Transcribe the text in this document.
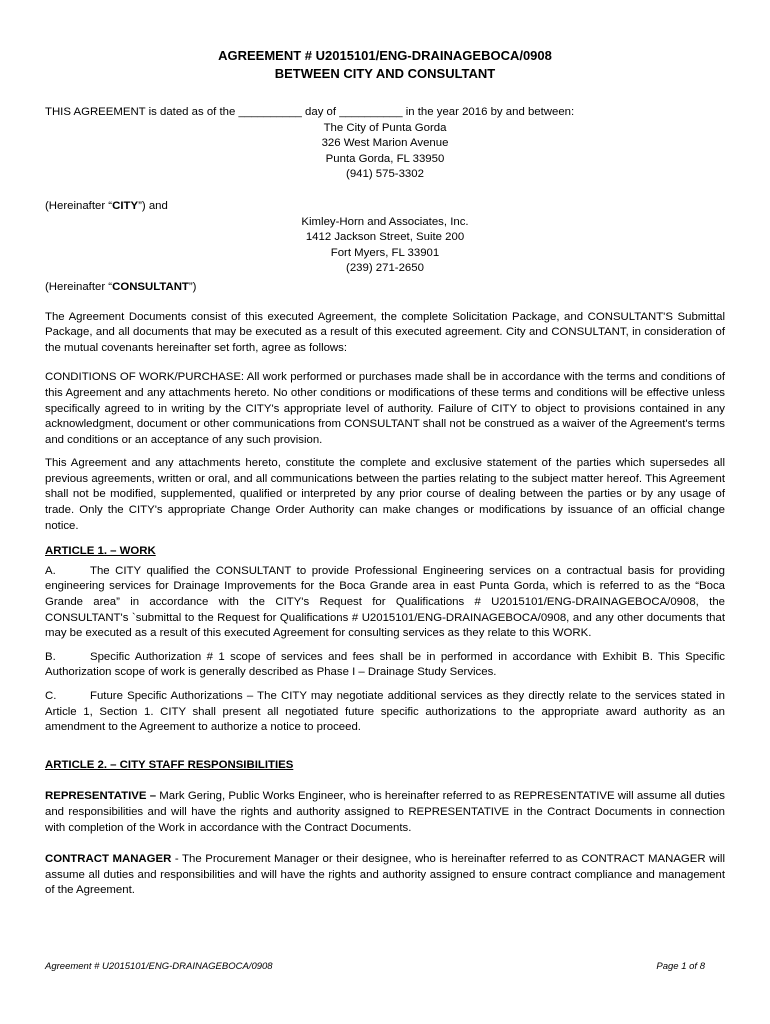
AGREEMENT # U2015101/ENG-DRAINAGEBOCA/0908

BETWEEN CITY AND CONSULTANT

THIS AGREEMENT is dated as of the __________ day of __________ in the year 2016 by and between:

The City of Punta Gorda

326 West Marion Avenue

Punta Gorda, FL 33950

(941) 575-3302

(Hereinafter “CITY”) and

Kimley-Horn and Associates, Inc.

1412 Jackson Street, Suite 200

Fort Myers, FL 33901

(239) 271-2650

(Hereinafter “CONSULTANT”)

The Agreement Documents consist of this executed Agreement, the complete Solicitation Package, and CONSULTANT'S Submittal Package, and all documents that may be executed as a result of this executed agreement. City and CONSULTANT, in consideration of the mutual covenants hereinafter set forth, agree as follows:

CONDITIONS OF WORK/PURCHASE: All work performed or purchases made shall be in accordance with the terms and conditions of this Agreement and any attachments hereto. No other conditions or modifications of these terms and conditions will be effective unless specifically agreed to in writing by the CITY's appropriate level of authority. Failure of CITY to object to provisions contained in any acknowledgment, document or other communications from CONSULTANT shall not be construed as a waiver of the Agreement's terms and conditions or an acceptance of any such provision.

This Agreement and any attachments hereto, constitute the complete and exclusive statement of the parties which supersedes all previous agreements, written or oral, and all communications between the parties relating to the subject matter hereof. This Agreement shall not be modified, supplemented, qualified or interpreted by any prior course of dealing between the parties or by any usage of trade. Only the CITY's appropriate Change Order Authority can make changes or modifications by issuance of an official change notice.

ARTICLE 1. – WORK

A.	The CITY qualified the CONSULTANT to provide Professional Engineering services on a contractual basis for providing engineering services for Drainage Improvements for the Boca Grande area in east Punta Gorda, which is referred to as the “Boca Grande area” in accordance with the CITY's Request for Qualifications # U2015101/ENG-DRAINAGEBOCA/0908, the CONSULTANT's `submittal to the Request for Qualifications # U2015101/ENG-DRAINAGEBOCA/0908, and any other documents that may be executed as a result of this executed Agreement for consulting services as they relate to this WORK.

B.	Specific Authorization # 1 scope of services and fees shall be in performed in accordance with Exhibit B. This Specific Authorization scope of work is generally described as Phase I – Drainage Study Services.

C.	Future Specific Authorizations – The CITY may negotiate additional services as they directly relate to the services stated in Article 1, Section 1. CITY shall present all negotiated future specific authorizations to the appropriate award authority as an amendment to the Agreement to authorize a notice to proceed.

ARTICLE 2. – CITY STAFF RESPONSIBILITIES

REPRESENTATIVE – Mark Gering, Public Works Engineer, who is hereinafter referred to as REPRESENTATIVE will assume all duties and responsibilities and will have the rights and authority assigned to REPRESENTATIVE in the Contract Documents in connection with completion of the Work in accordance with the Contract Documents.

CONTRACT MANAGER - The Procurement Manager or their designee, who is hereinafter referred to as CONTRACT MANAGER will assume all duties and responsibilities and will have the rights and authority assigned to ensure contract compliance and management of the Agreement.

Agreement # U2015101/ENG-DRAINAGEBOCA/0908	Page 1 of 8
